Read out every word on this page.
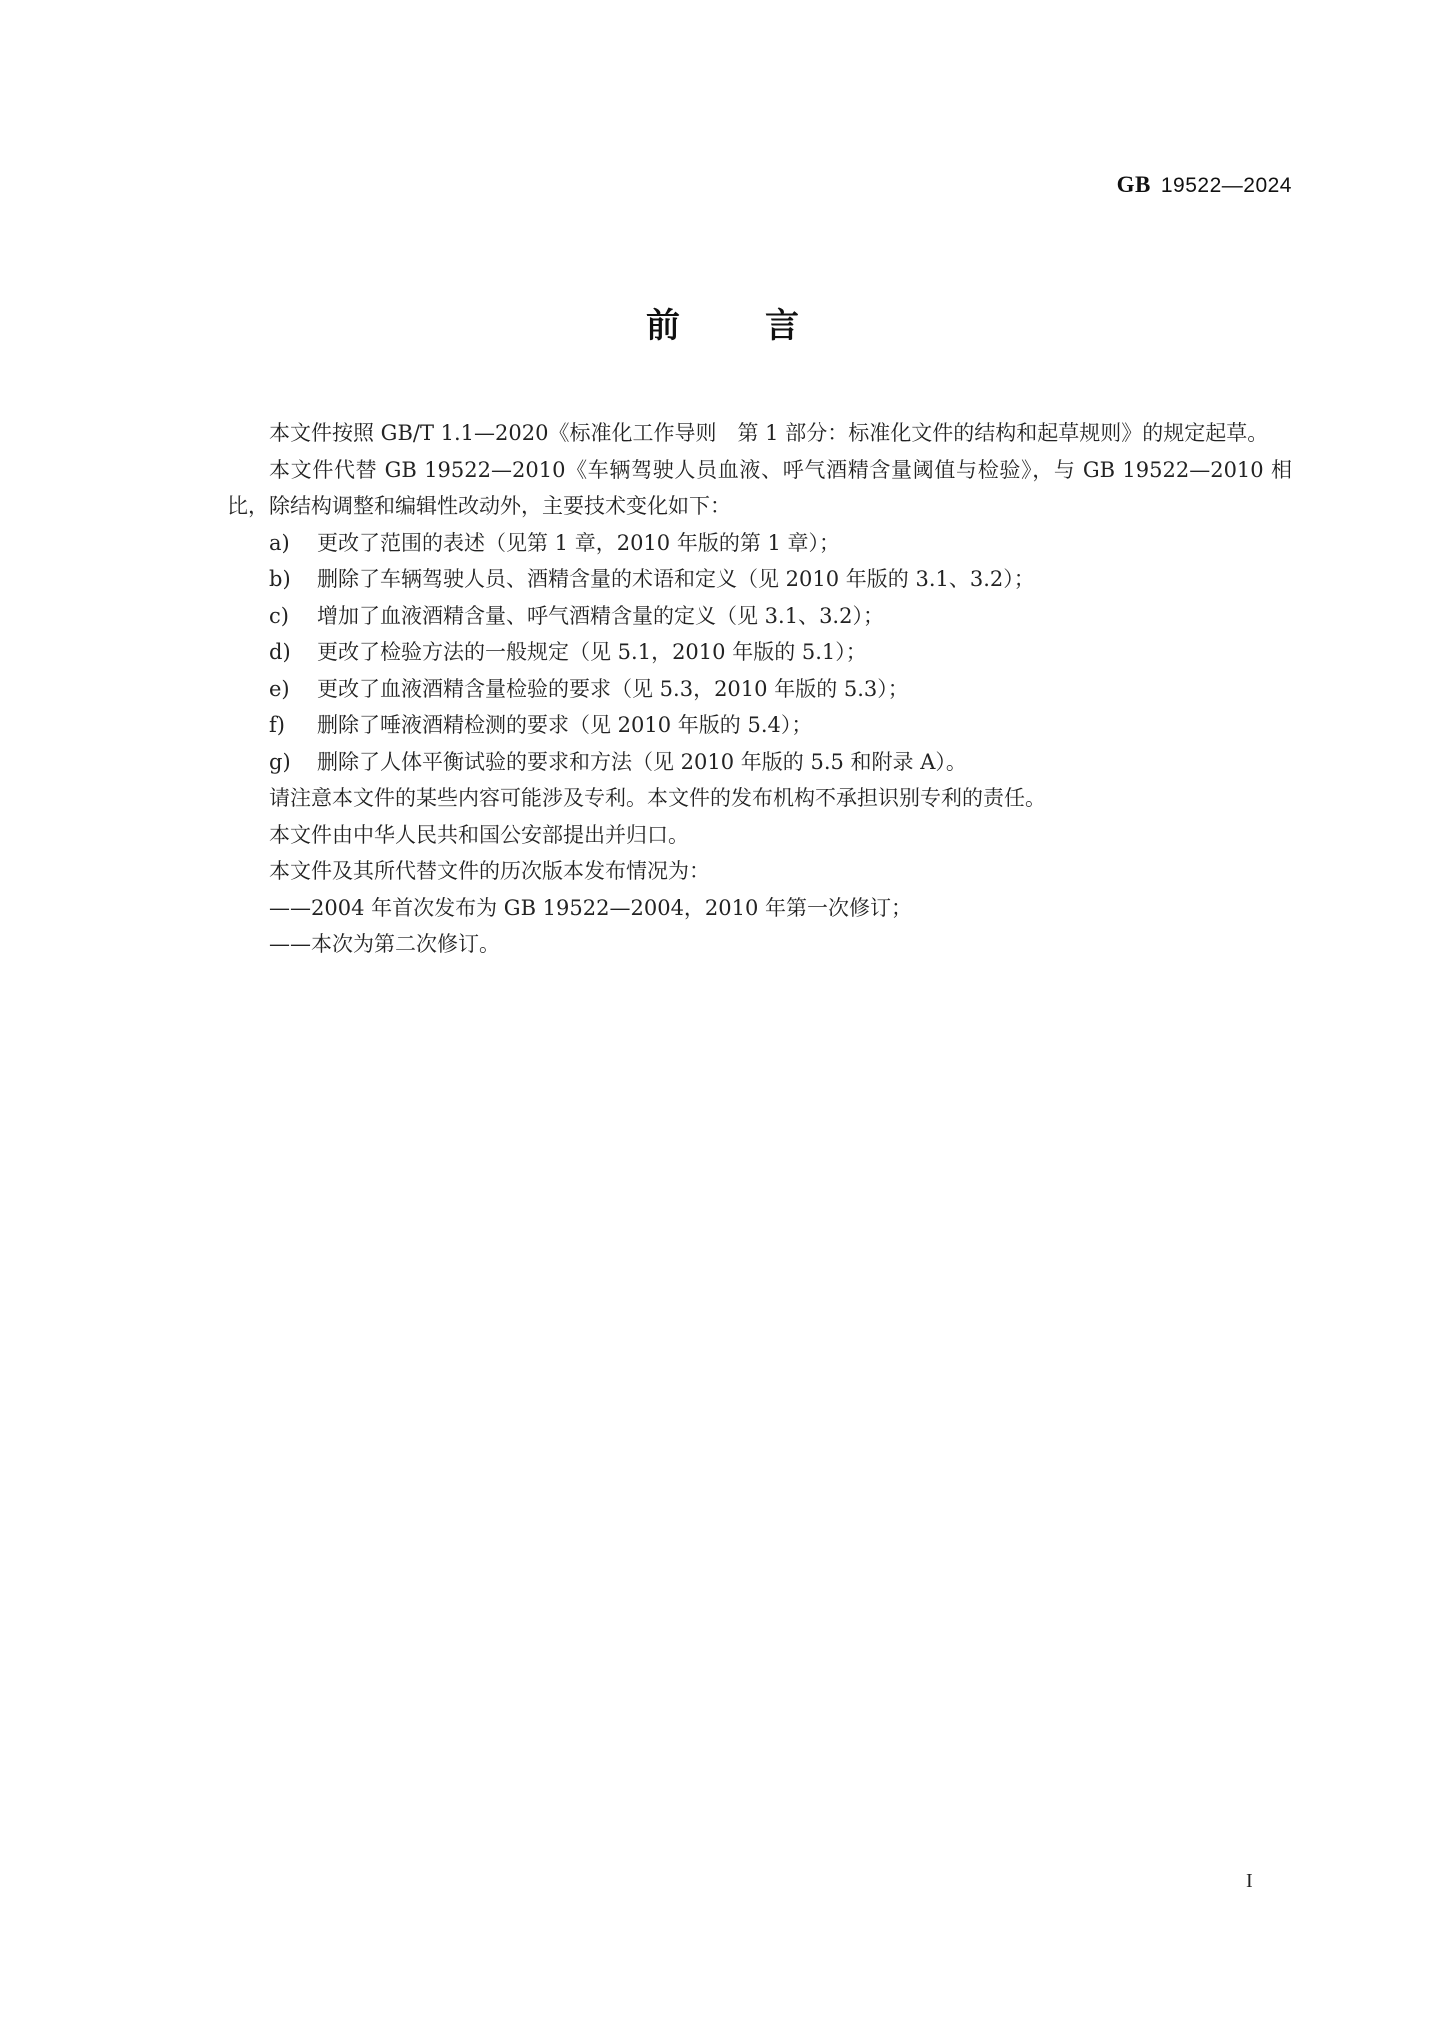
GB 19522—2024
前	言

本文件按照 GB/T 1.1—2020《标准化工作导则　第 1 部分：标准化文件的结构和起草规则》的规定起草。

本文件代替 GB 19522—2010《车辆驾驶人员血液、呼气酒精含量阈值与检验》，与 GB 19522—2010 相比，除结构调整和编辑性改动外，主要技术变化如下：

a)	更改了范围的表述（见第 1 章，2010 年版的第 1 章）；

b)	删除了车辆驾驶人员、酒精含量的术语和定义（见 2010 年版的 3.1、3.2）；

c)	增加了血液酒精含量、呼气酒精含量的定义（见 3.1、3.2）；

d)	更改了检验方法的一般规定（见 5.1，2010 年版的 5.1）；

e)	更改了血液酒精含量检验的要求（见 5.3，2010 年版的 5.3）；

f)	删除了唾液酒精检测的要求（见 2010 年版的 5.4）；

g)	删除了人体平衡试验的要求和方法（见 2010 年版的 5.5 和附录 A）。

请注意本文件的某些内容可能涉及专利。本文件的发布机构不承担识别专利的责任。

本文件由中华人民共和国公安部提出并归口。

本文件及其所代替文件的历次版本发布情况为：

——2004 年首次发布为 GB 19522—2004，2010 年第一次修订；

——本次为第二次修订。

I
